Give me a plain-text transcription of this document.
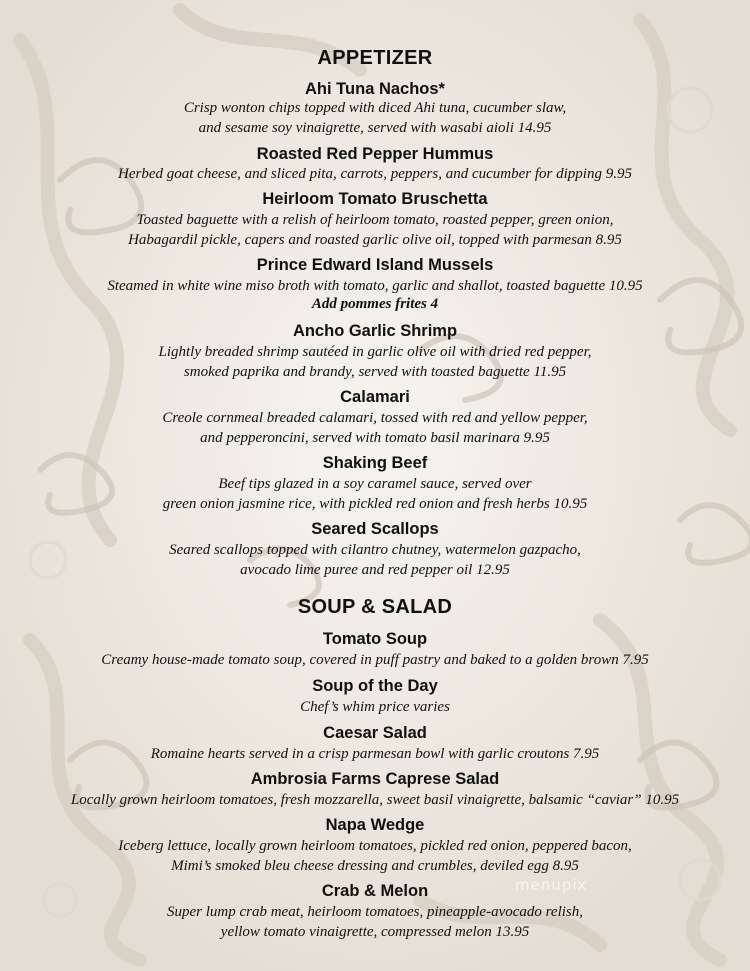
APPETIZER
Ahi Tuna Nachos*
Crisp wonton chips topped with diced Ahi tuna, cucumber slaw,
and sesame soy vinaigrette, served with wasabi aioli 14.95
Roasted Red Pepper Hummus
Herbed goat cheese, and sliced pita, carrots, peppers, and cucumber for dipping 9.95
Heirloom Tomato Bruschetta
Toasted baguette with a relish of heirloom tomato, roasted pepper, green onion,
Habagardil pickle, capers and roasted garlic olive oil, topped with parmesan 8.95
Prince Edward Island Mussels
Steamed in white wine miso broth with tomato, garlic and shallot, toasted baguette 10.95
Add pommes frites 4
Ancho Garlic Shrimp
Lightly breaded shrimp sautéed in garlic olive oil with dried red pepper,
smoked paprika and brandy, served with toasted baguette 11.95
Calamari
Creole cornmeal breaded calamari, tossed with red and yellow pepper,
and pepperoncini, served with tomato basil marinara 9.95
Shaking Beef
Beef tips glazed in a soy caramel sauce, served over
green onion jasmine rice, with pickled red onion and fresh herbs 10.95
Seared Scallops
Seared scallops topped with cilantro chutney, watermelon gazpacho,
avocado lime puree and red pepper oil 12.95
SOUP & SALAD
Tomato Soup
Creamy house-made tomato soup, covered in puff pastry and baked to a golden brown 7.95
Soup of the Day
Chef’s whim price varies
Caesar Salad
Romaine hearts served in a crisp parmesan bowl with garlic croutons 7.95
Ambrosia Farms Caprese Salad
Locally grown heirloom tomatoes, fresh mozzarella, sweet basil vinaigrette, balsamic “caviar” 10.95
Napa Wedge
Iceberg lettuce, locally grown heirloom tomatoes, pickled red onion, peppered bacon,
Mimi’s smoked bleu cheese dressing and crumbles, deviled egg 8.95
Crab & Melon
Super lump crab meat, heirloom tomatoes, pineapple-avocado relish,
yellow tomato vinaigrette, compressed melon 13.95
menupix
